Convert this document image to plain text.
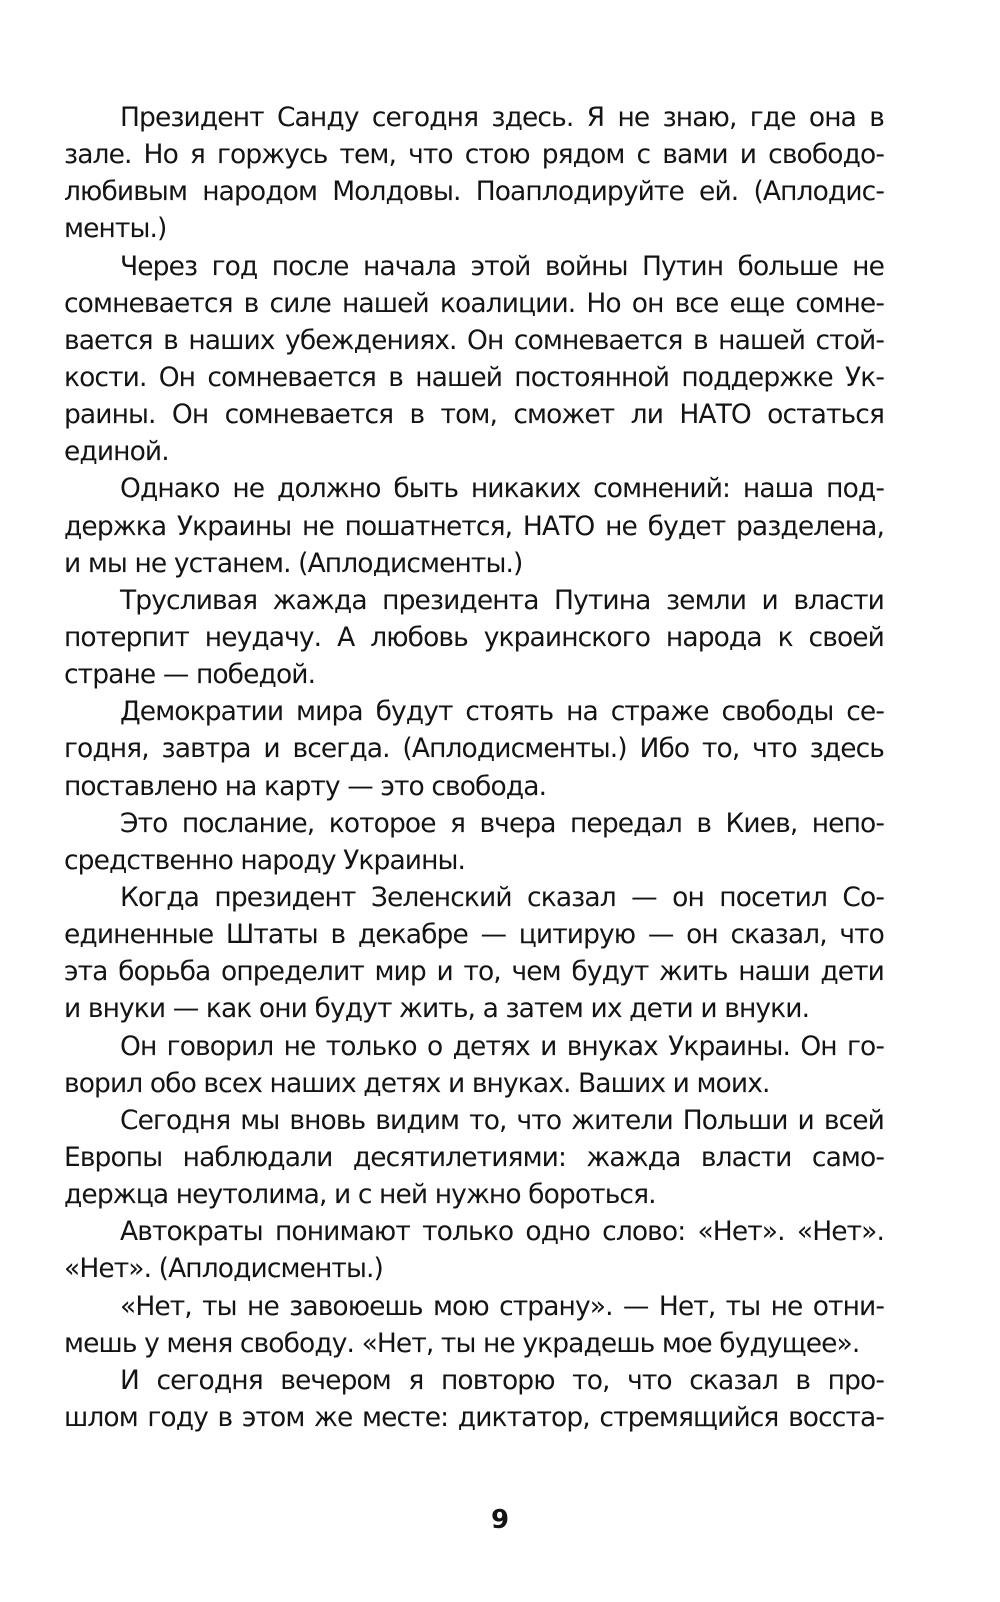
Президент Санду сегодня здесь. Я не знаю, где она в
зале. Но я горжусь тем, что стою рядом с вами и свободо-
любивым народом Молдовы. Поаплодируйте ей. (Аплодис-
менты.)
Через год после начала этой войны Путин больше не
сомневается в силе нашей коалиции. Но он все еще сомне-
вается в наших убеждениях. Он сомневается в нашей стой-
кости. Он сомневается в нашей постоянной поддержке Ук-
раины. Он сомневается в том, сможет ли НАТО остаться
единой.
Однако не должно быть никаких сомнений: наша под-
держка Украины не пошатнется, НАТО не будет разделена,
и мы не устанем. (Аплодисменты.)
Трусливая жажда президента Путина земли и власти
потерпит неудачу. А любовь украинского народа к своей
стране — победой.
Демократии мира будут стоять на страже свободы се-
годня, завтра и всегда. (Аплодисменты.) Ибо то, что здесь
поставлено на карту — это свобода.
Это послание, которое я вчера передал в Киев, непо-
средственно народу Украины.
Когда президент Зеленский сказал — он посетил Со-
единенные Штаты в декабре — цитирую — он сказал, что
эта борьба определит мир и то, чем будут жить наши дети
и внуки — как они будут жить, а затем их дети и внуки.
Он говорил не только о детях и внуках Украины. Он го-
ворил обо всех наших детях и внуках. Ваших и моих.
Сегодня мы вновь видим то, что жители Польши и всей
Европы наблюдали десятилетиями: жажда власти само-
держца неутолима, и с ней нужно бороться.
Автократы понимают только одно слово: «Нет». «Нет».
«Нет». (Аплодисменты.)
«Нет, ты не завоюешь мою страну». — Нет, ты не отни-
мешь у меня свободу. «Нет, ты не украдешь мое будущее».
И сегодня вечером я повторю то, что сказал в про-
шлом году в этом же месте: диктатор, стремящийся восста-
9
